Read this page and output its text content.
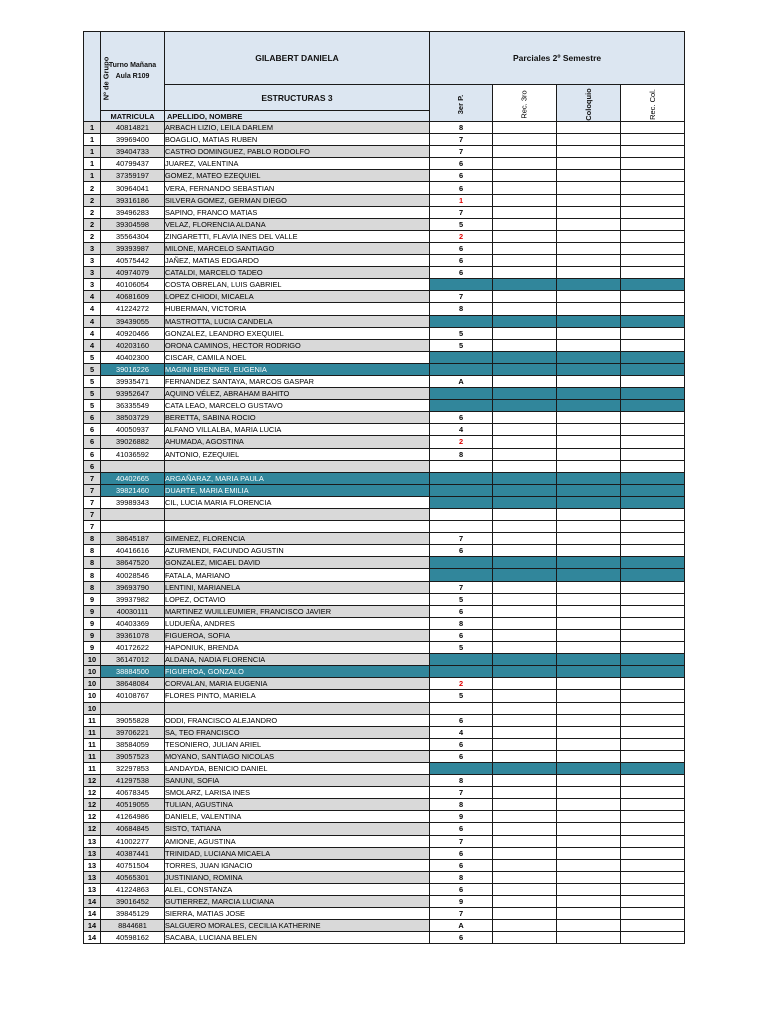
Nº de Grupo	Turno Mañana
Aula R109	GILABERT DANIELA	Parciales 2º Semestre			
		ESTRUCTURAS 3	3er P.	Rec. 3ro	Coloquio	Rec. Col.
	MATRICULA	APELLIDO, NOMBRE				
1	40814821	ARBACH LIZIO, LEILA DARLEM	8			
1	39969400	BOAGLIO, MATIAS RUBEN	7			
1	39404733	CASTRO DOMINGUEZ, PABLO RODOLFO	7			
1	40799437	JUAREZ, VALENTINA	6			
1	37359197	GOMEZ, MATEO EZEQUIEL	6			
2	30964041	VERA, FERNANDO SEBASTIAN	6			
2	39316186	SILVERA GOMEZ, GERMAN DIEGO	1			
2	39496283	SAPINO, FRANCO MATIAS	7			
2	39304598	VELAZ, FLORENCIA ALDANA	5			
2	35564304	ZINGARETTI, FLAVIA INES DEL VALLE	2			
3	39393987	MILONE, MARCELO SANTIAGO	6			
3	40575442	JAÑEZ, MATIAS EDGARDO	6			
3	40974079	CATALDI, MARCELO TADEO	6			
3	40106054	COSTA OBRELAN, LUIS GABRIEL				
4	40681609	LOPEZ CHIODI, MICAELA	7			
4	41224272	HUBERMAN, VICTORIA	8			
4	39439055	MASTROTTA, LUCIA CANDELA				
4	40920466	GONZALEZ, LEANDRO EXEQUIEL	5			
4	40203160	ORONA CAMINOS, HECTOR RODRIGO	5			
5	40402300	CISCAR, CAMILA NOEL				
5	39016226	MAGINI BRENNER, EUGENIA				
5	39935471	FERNANDEZ SANTAYA, MARCOS GASPAR	A			
5	93952647	AQUINO VÉLEZ, ABRAHAM BAHITO				
5	36335549	CATA LEAO, MARCELO GUSTAVO				
6	38503729	BERETTA, SABINA ROCIO	6			
6	40050937	ALFANO VILLALBA, MARIA LUCIA	4			
6	39026882	AHUMADA, AGOSTINA	2			
6	41036592	ANTONIO, EZEQUIEL	8			
6						
7	40402665	ARGAÑARAZ, MARIA PAULA				
7	39821460	DUARTE, MARIA EMILIA				
7	39989343	CIL, LUCIA MARIA FLORENCIA				
7						
7						
8	38645187	GIMENEZ, FLORENCIA	7			
8	40416616	AZURMENDI, FACUNDO AGUSTIN	6			
8	38647520	GONZALEZ, MICAEL DAVID				
8	40028546	FATALA, MARIANO				
8	39693790	LENTINI, MARIANELA	7			
9	39937982	LOPEZ, OCTAVIO	5			
9	40030111	MARTINEZ WUILLEUMIER, FRANCISCO JAVIER	6			
9	40403369	LUDUEÑA, ANDRES	8			
9	39361078	FIGUEROA, SOFIA	6			
9	40172622	HAPONIUK, BRENDA	5			
10	36147012	ALDANA, NADIA FLORENCIA				
10	38884500	FIGUEROA, GONZALO				
10	38648084	CORVALAN, MARIA EUGENIA	2			
10	40108767	FLORES PINTO, MARIELA	5			
10						
11	39055828	ODDI, FRANCISCO ALEJANDRO	6			
11	39706221	SA, TEO FRANCISCO	4			
11	38584059	TESONIERO, JULIAN ARIEL	6			
11	39057523	MOYANO, SANTIAGO NICOLAS	6			
11	32297853	LANDAYDA, BENICIO DANIEL				
12	41297538	SANUNI, SOFIA	8			
12	40678345	SMOLARZ, LARISA INES	7			
12	40519055	TULIAN, AGUSTINA	8			
12	41264986	DANIELE, VALENTINA	9			
12	40684845	SISTO, TATIANA	6			
13	41002277	AMIONE, AGUSTINA	7			
13	40387441	TRINIDAD, LUCIANA MICAELA	6			
13	40751504	TORRES, JUAN IGNACIO	6			
13	40565301	JUSTINIANO, ROMINA	8			
13	41224863	ALEL, CONSTANZA	6			
14	39016452	GUTIERREZ, MARCIA LUCIANA	9			
14	39845129	SIERRA, MATIAS JOSE	7			
14	8844681	SALGUERO MORALES, CECILIA KATHERINE	A			
14	40598162	SACABA, LUCIANA BELEN	6			
